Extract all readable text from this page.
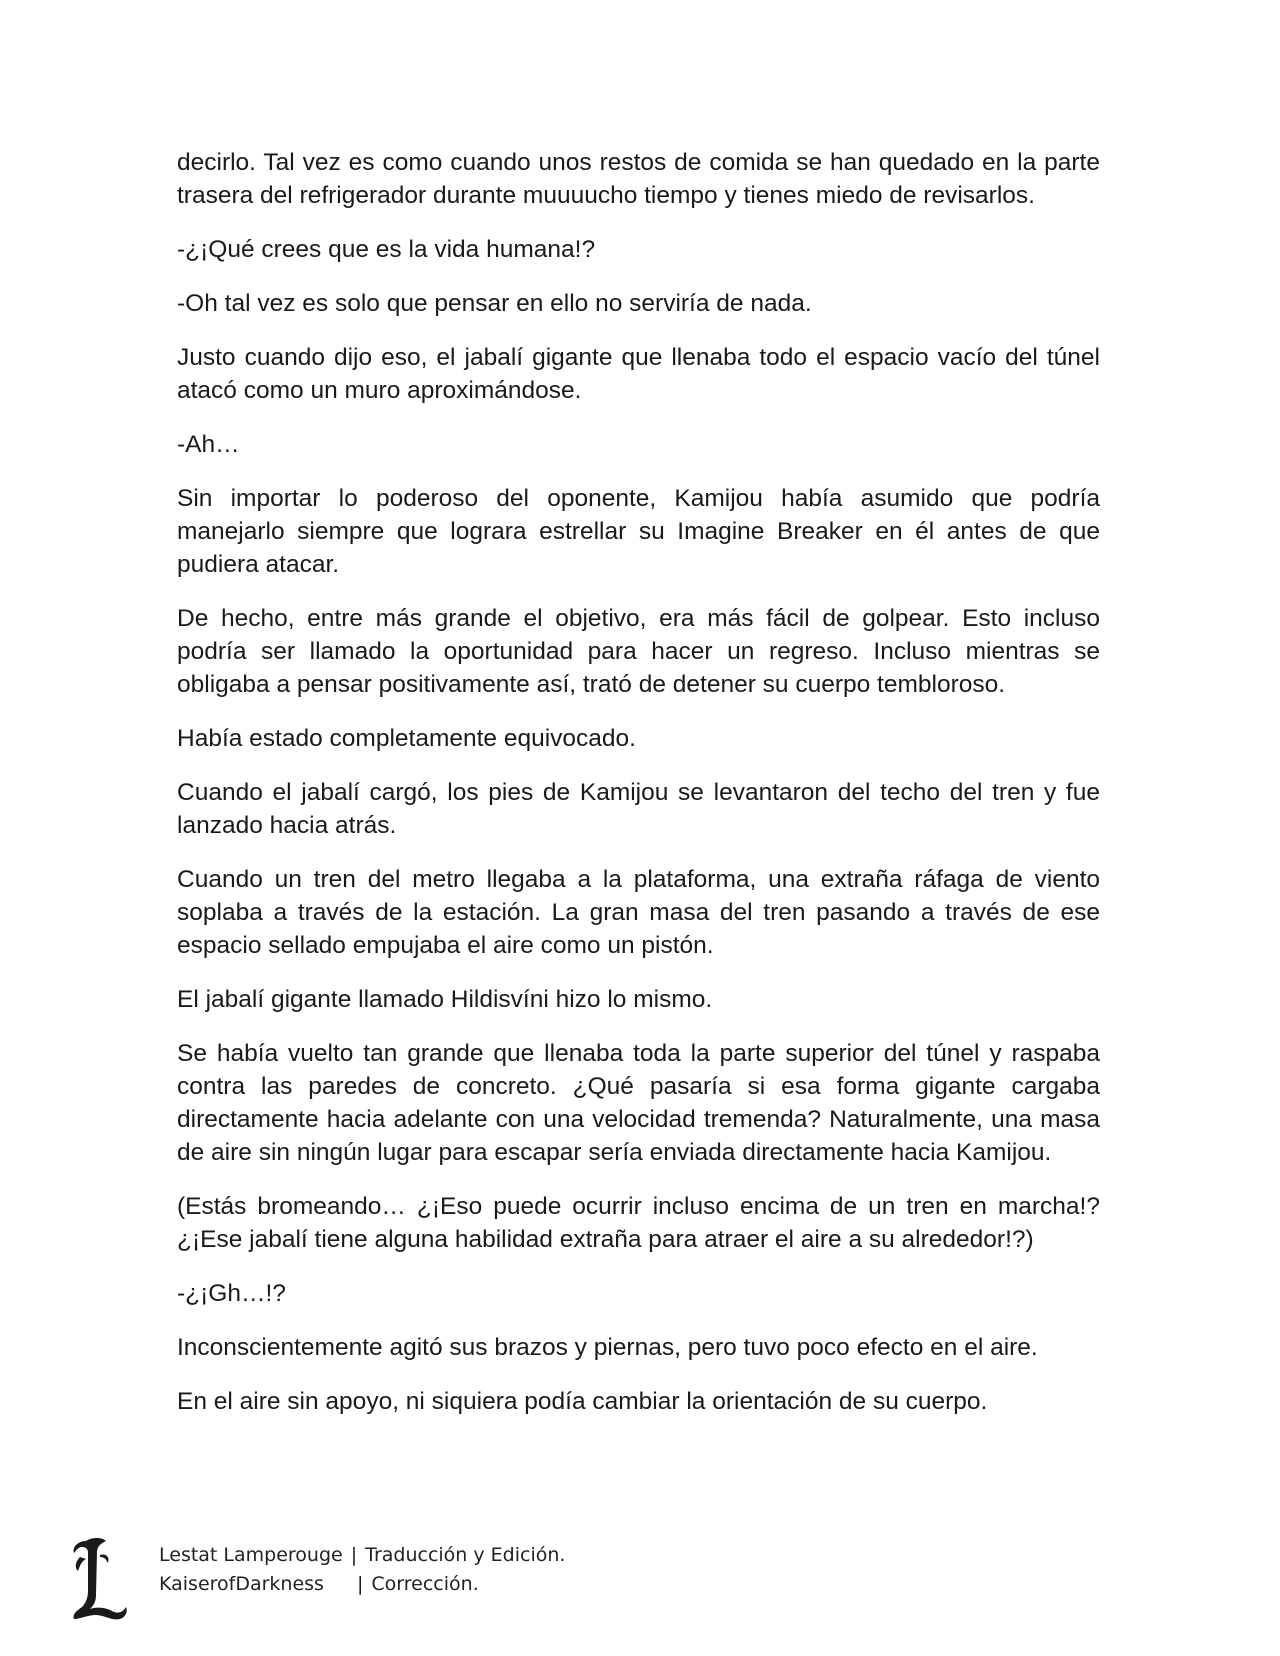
decirlo. Tal vez es como cuando unos restos de comida se han quedado en la parte trasera del refrigerador durante muuuucho tiempo y tienes miedo de revisarlos.

-¿¡Qué crees que es la vida humana!?

-Oh tal vez es solo que pensar en ello no serviría de nada.

Justo cuando dijo eso, el jabalí gigante que llenaba todo el espacio vacío del túnel atacó como un muro aproximándose.

-Ah…

Sin importar lo poderoso del oponente, Kamijou había asumido que podría manejarlo siempre que lograra estrellar su Imagine Breaker en él antes de que pudiera atacar.

De hecho, entre más grande el objetivo, era más fácil de golpear. Esto incluso podría ser llamado la oportunidad para hacer un regreso. Incluso mientras se obligaba a pensar positivamente así, trató de detener su cuerpo tembloroso.

Había estado completamente equivocado.

Cuando el jabalí cargó, los pies de Kamijou se levantaron del techo del tren y fue lanzado hacia atrás.

Cuando un tren del metro llegaba a la plataforma, una extraña ráfaga de viento soplaba a través de la estación. La gran masa del tren pasando a través de ese espacio sellado empujaba el aire como un pistón.

El jabalí gigante llamado Hildisvíni hizo lo mismo.

Se había vuelto tan grande que llenaba toda la parte superior del túnel y raspaba contra las paredes de concreto. ¿Qué pasaría si esa forma gigante cargaba directamente hacia adelante con una velocidad tremenda? Naturalmente, una masa de aire sin ningún lugar para escapar sería enviada directamente hacia Kamijou.

(Estás bromeando… ¿¡Eso puede ocurrir incluso encima de un tren en marcha!? ¿¡Ese jabalí tiene alguna habilidad extraña para atraer el aire a su alrededor!?)

-¿¡Gh…!?

Inconscientemente agitó sus brazos y piernas, pero tuvo poco efecto en el aire.

En el aire sin apoyo, ni siquiera podía cambiar la orientación de su cuerpo.

Lestat Lamperouge | Traducción y Edición.
KaiserofDarkness	| Corrección.
